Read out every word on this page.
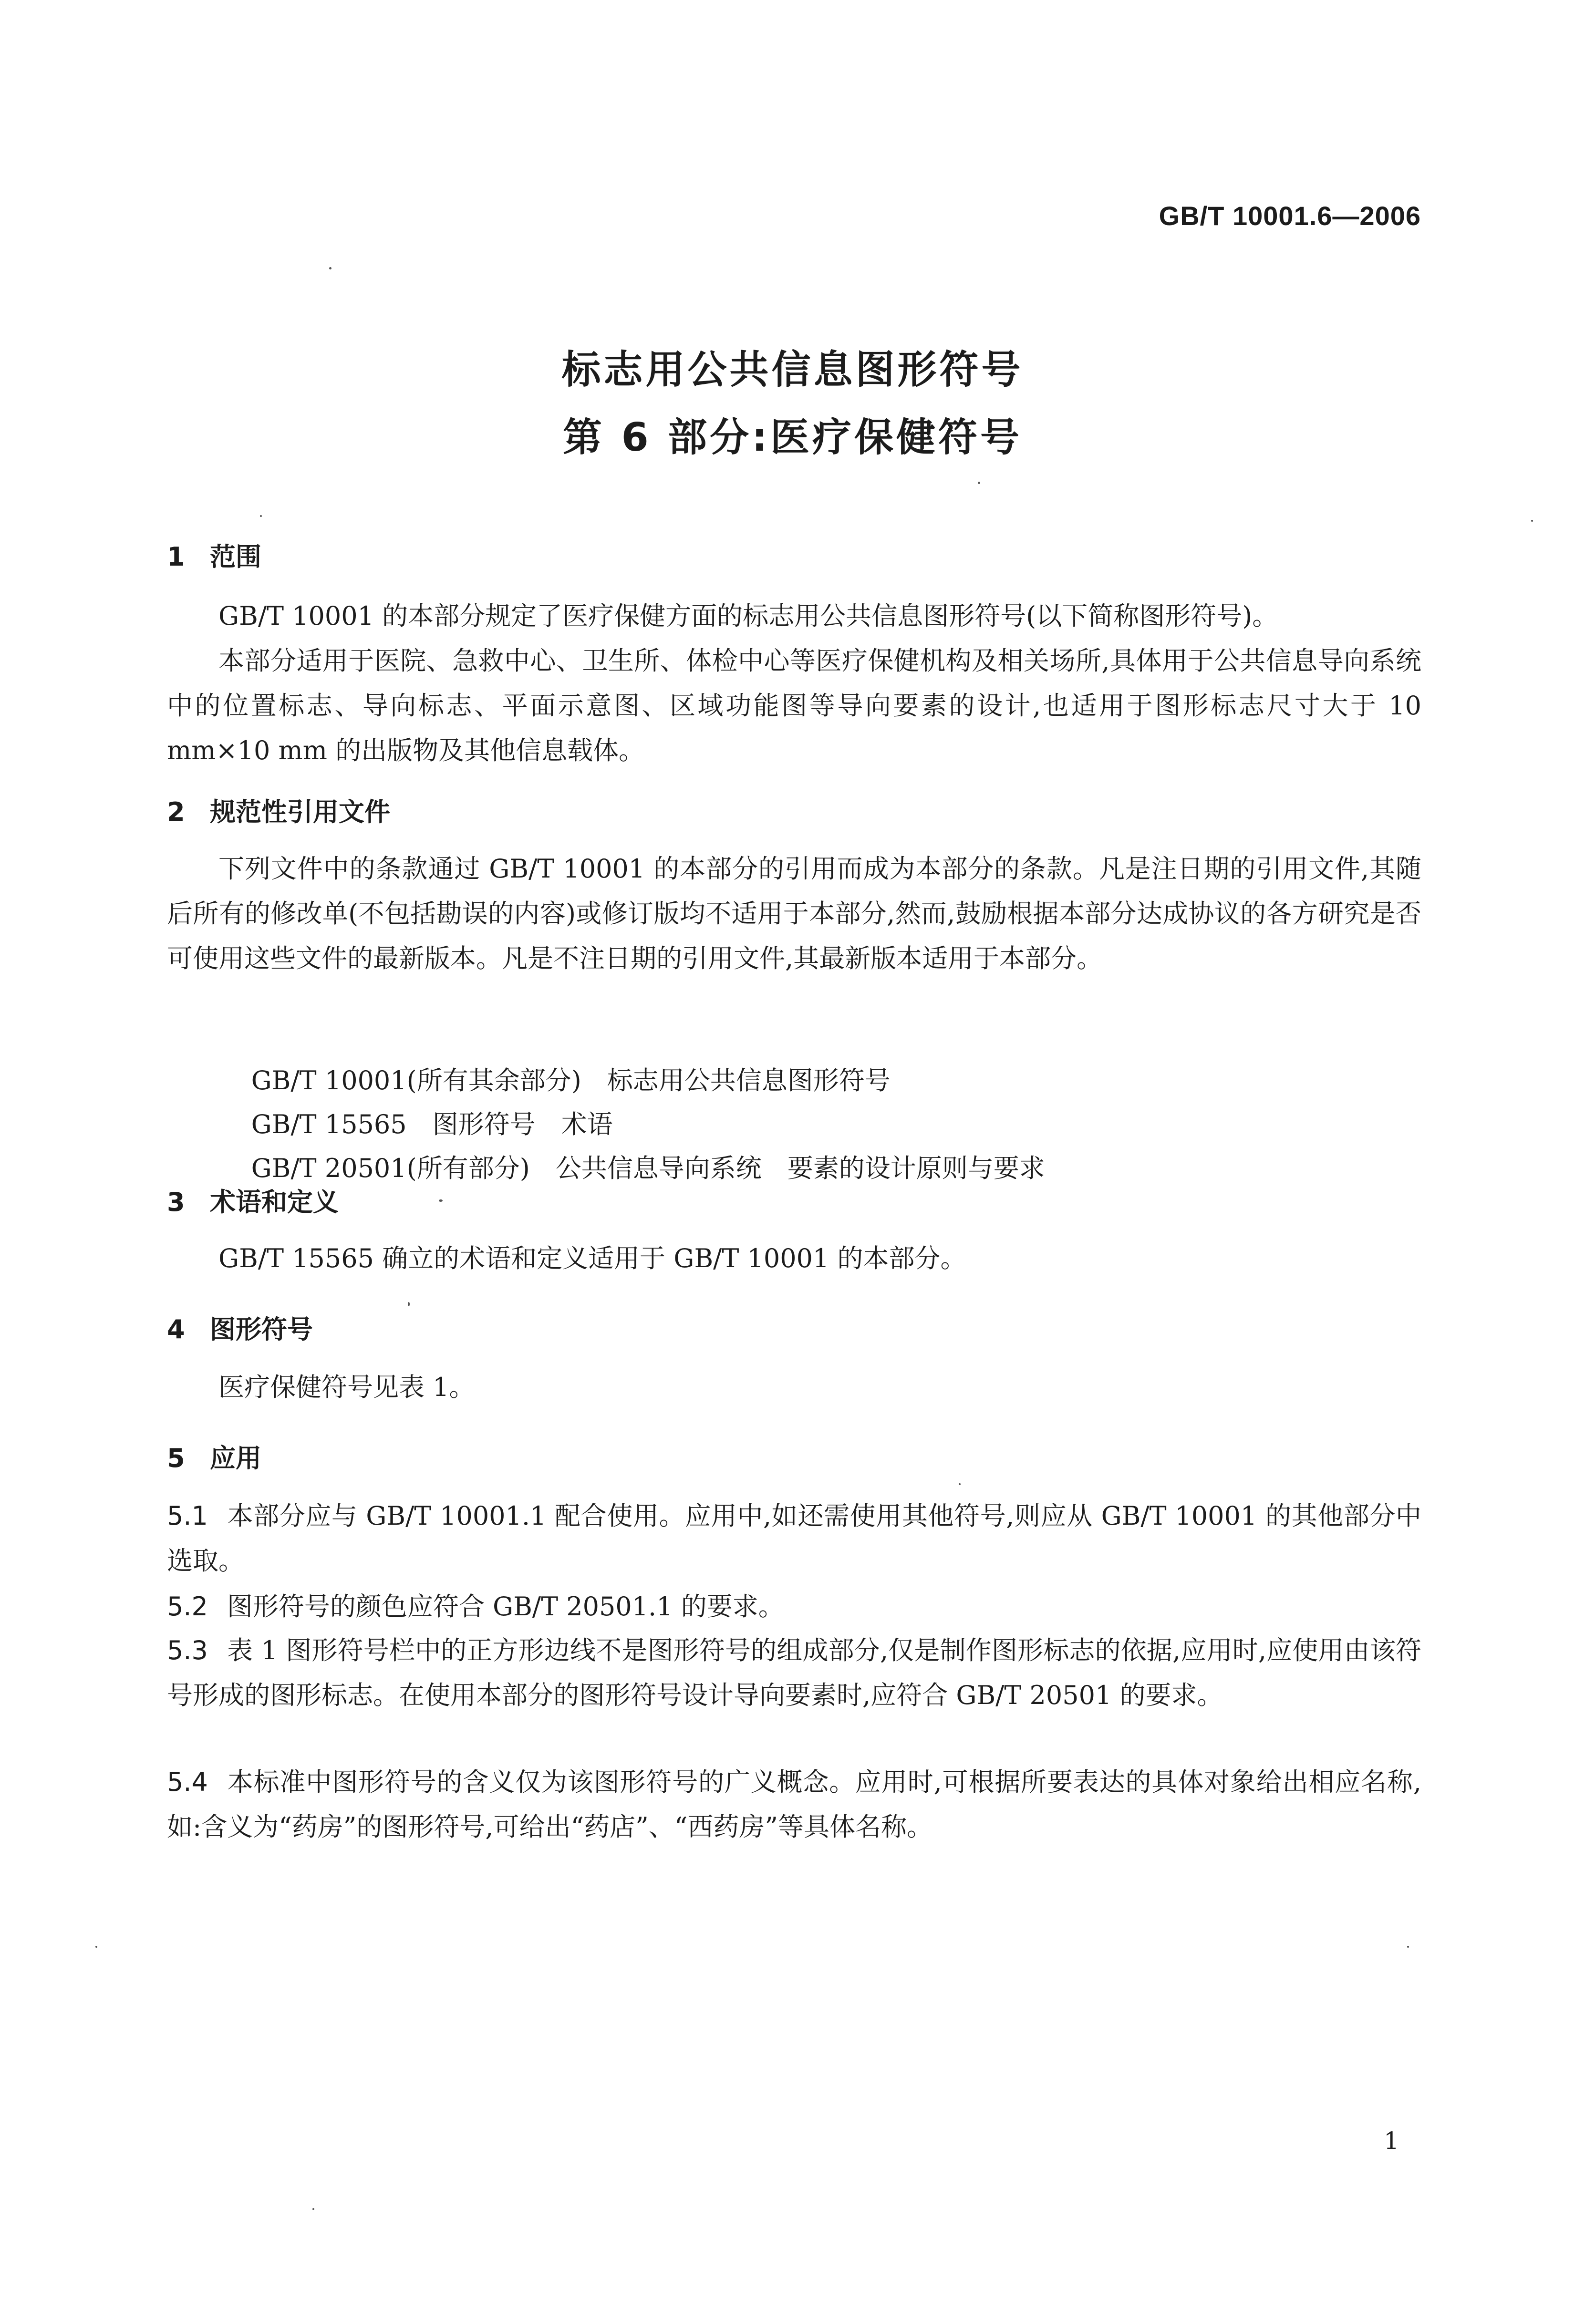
GB/T 10001.6—2006
标志用公共信息图形符号
第 6 部分:医疗保健符号
1 范围

GB/T 10001 的本部分规定了医疗保健方面的标志用公共信息图形符号(以下简称图形符号)。

本部分适用于医院、急救中心、卫生所、体检中心等医疗保健机构及相关场所,具体用于公共信息导向系统中的位置标志、导向标志、平面示意图、区域功能图等导向要素的设计,也适用于图形标志尺寸大于 10 mm×10 mm 的出版物及其他信息载体。

2 规范性引用文件

下列文件中的条款通过 GB/T 10001 的本部分的引用而成为本部分的条款。凡是注日期的引用文件,其随后所有的修改单(不包括勘误的内容)或修订版均不适用于本部分,然而,鼓励根据本部分达成协议的各方研究是否可使用这些文件的最新版本。凡是不注日期的引用文件,其最新版本适用于本部分。

GB/T 10001(所有其余部分)　 标志用公共信息图形符号

GB/T 15565　 图形符号　术语

GB/T 20501(所有部分)　 公共信息导向系统　要素的设计原则与要求

3 术语和定义

GB/T 15565 确立的术语和定义适用于 GB/T 10001 的本部分。

4 图形符号

医疗保健符号见表 1。

5 应用

5.1 本部分应与 GB/T 10001.1 配合使用。应用中,如还需使用其他符号,则应从 GB/T 10001 的其他部分中选取。

5.2 图形符号的颜色应符合 GB/T 20501.1 的要求。

5.3 表 1 图形符号栏中的正方形边线不是图形符号的组成部分,仅是制作图形标志的依据,应用时,应使用由该符号形成的图形标志。在使用本部分的图形符号设计导向要素时,应符合 GB/T 20501 的要求。

5.4 本标准中图形符号的含义仅为该图形符号的广义概念。应用时,可根据所要表达的具体对象给出相应名称,如:含义为“药房”的图形符号,可给出“药店”、“西药房”等具体名称。

1
